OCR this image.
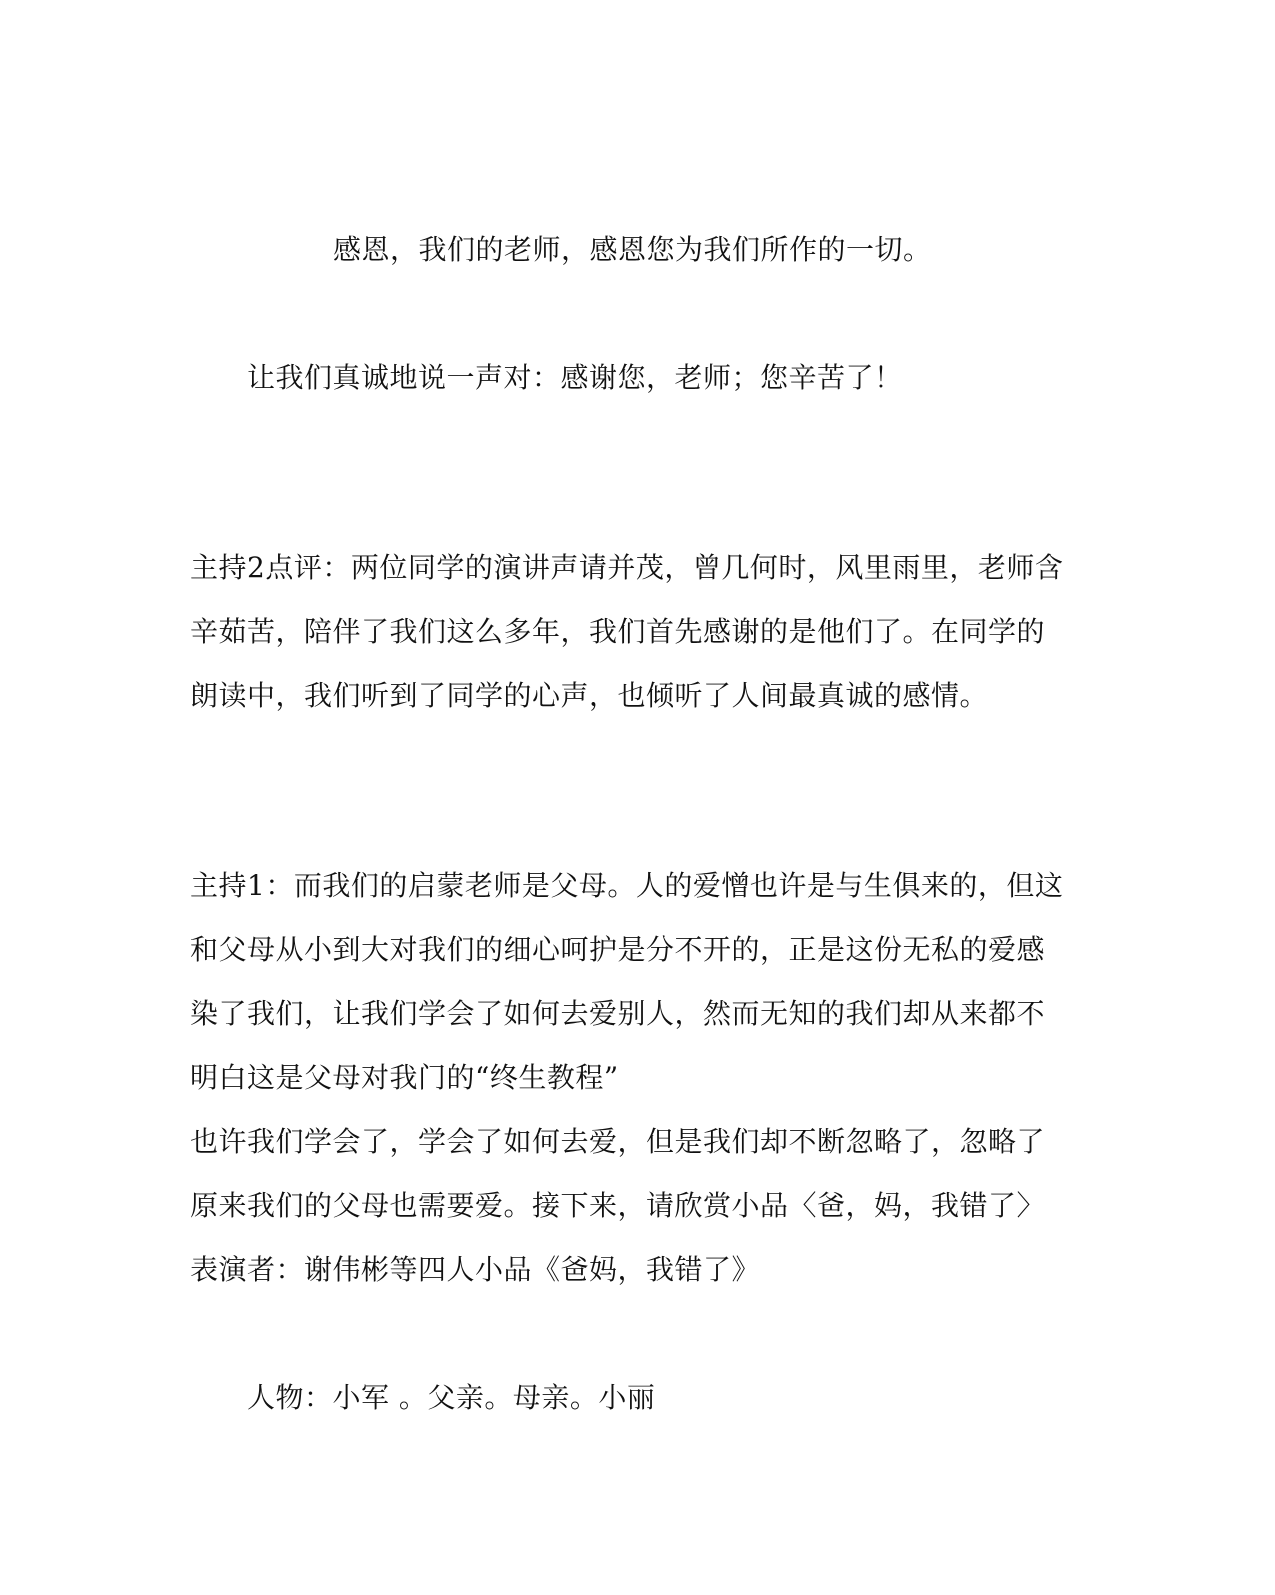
感恩，我们的老师，感恩您为我们所作的一切。

让我们真诚地说一声对：感谢您，老师；您辛苦了！

主持2点评：两位同学的演讲声请并茂，曾几何时，风里雨里，老师含

辛茹苦，陪伴了我们这么多年，我们首先感谢的是他们了。在同学的

朗读中，我们听到了同学的心声，也倾听了人间最真诚的感情。

主持1：而我们的启蒙老师是父母。人的爱憎也许是与生俱来的，但这

和父母从小到大对我们的细心呵护是分不开的，正是这份无私的爱感

染了我们，让我们学会了如何去爱别人，然而无知的我们却从来都不

明白这是父母对我门的“终生教程”

也许我们学会了，学会了如何去爱，但是我们却不断忽略了，忽略了

原来我们的父母也需要爱。接下来，请欣赏小品〈爸，妈，我错了〉

表演者：谢伟彬等四人小品《爸妈，我错了》

人物：小军 。父亲。母亲。小丽
